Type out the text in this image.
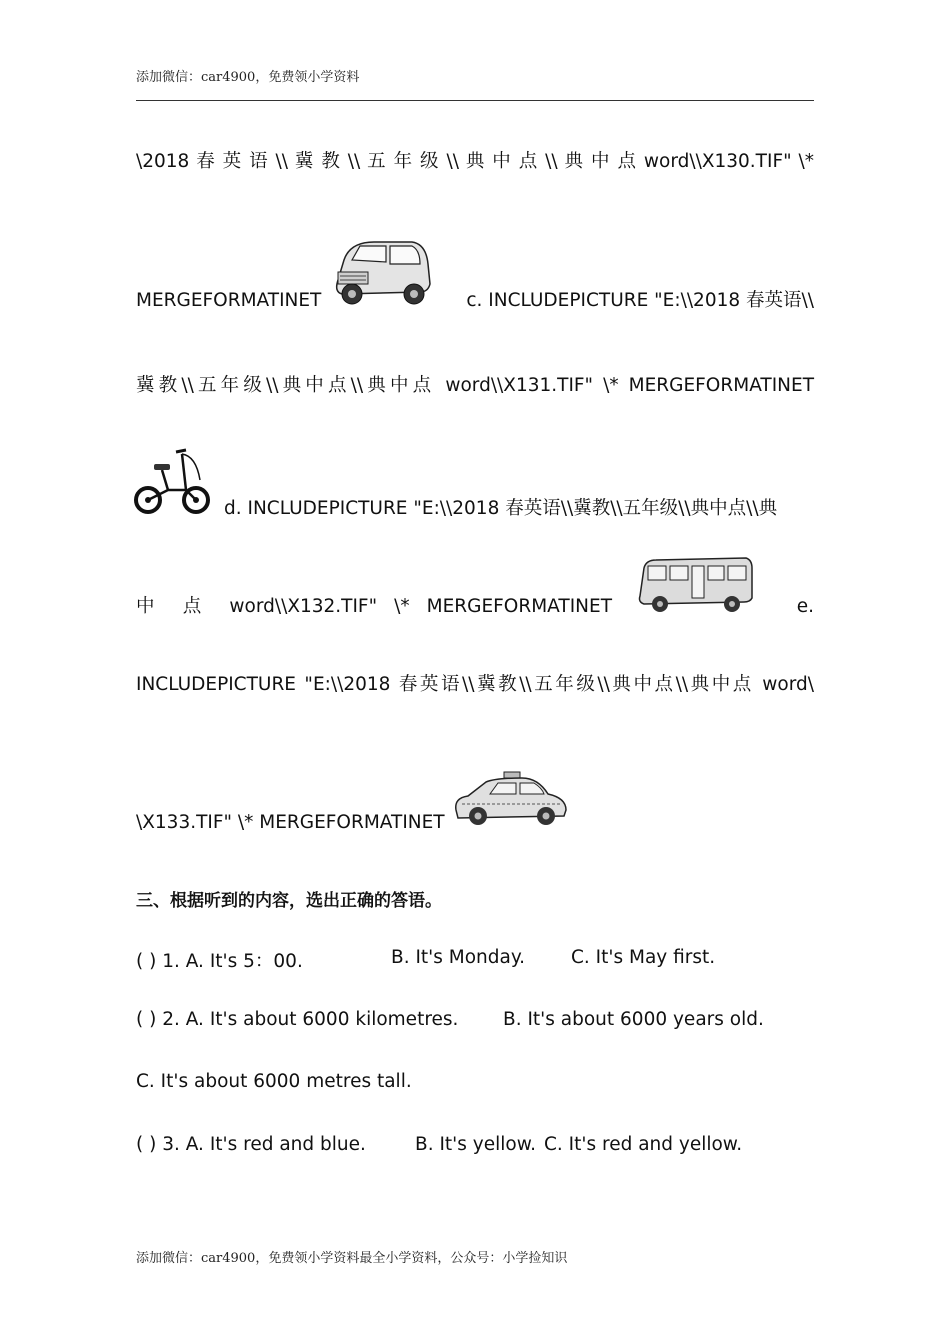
添加微信：car4900，免费领小学资料
\2018 春 英 语 \\ 冀 教 \\ 五 年 级 \\ 典 中 点 \\ 典 中 点 word\\X130.TIF" \*
MERGEFORMATINET	c. INCLUDEPICTURE "E:\\2018 春英语\\
冀教\\五年级\\典中点\\典中点 word\\X131.TIF" \* MERGEFORMATINET
d. INCLUDEPICTURE "E:\\2018 春英语\\冀教\\五年级\\典中点\\典
中 点 word\\X132.TIF" \* MERGEFORMATINET	e.
INCLUDEPICTURE "E:\\2018 春英语\\冀教\\五年级\\典中点\\典中点 word\
\X133.TIF" \* MERGEFORMATINET
三、根据听到的内容，选出正确的答语。
( ) 1. A. It's 5：00.	B. It's Monday. C. It's May first.
( ) 2. A. It's about 6000 kilometres. B. It's about 6000 years old.
C. It's about 6000 metres tall.
( ) 3. A. It's red and blue.	B. It's yellow. C. It's red and yellow.
添加微信：car4900，免费领小学资料最全小学资料，公众号：小学捡知识
